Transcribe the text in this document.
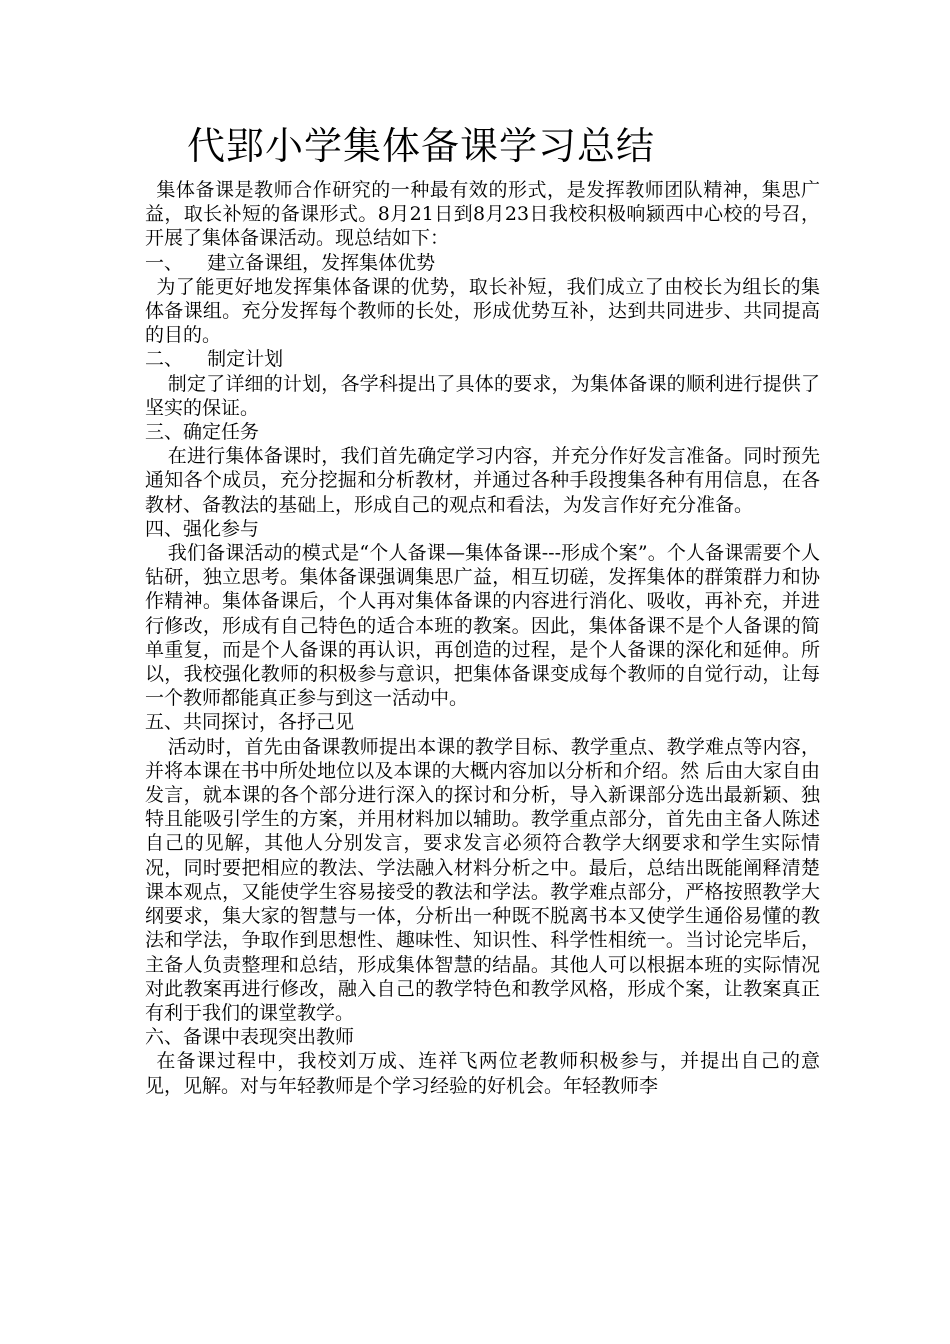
代郢小学集体备课学习总结

集体备课是教师合作研究的一种最有效的形式，是发挥教师团队精神，集思广益，取长补短的备课形式。8月21日到8月23日我校积极响颍西中心校的号召，开展了集体备课活动。现总结如下：

一、    建立备课组，发挥集体优势

为了能更好地发挥集体备课的优势，取长补短，我们成立了由校长为组长的集体备课组。充分发挥每个教师的长处，形成优势互补，达到共同进步、共同提高的目的。

二、    制定计划

制定了详细的计划，各学科提出了具体的要求，为集体备课的顺利进行提供了坚实的保证。

三、确定任务

在进行集体备课时，我们首先确定学习内容，并充分作好发言准备。同时预先通知各个成员，充分挖掘和分析教材，并通过各种手段搜集各种有用信息，在各教材、备教法的基础上，形成自己的观点和看法，为发言作好充分准备。

四、强化参与

我们备课活动的模式是“个人备课—集体备课---形成个案”。个人备课需要个人钻研，独立思考。集体备课强调集思广益，相互切磋，发挥集体的群策群力和协作精神。集体备课后，个人再对集体备课的内容进行消化、吸收，再补充，并进行修改，形成有自己特色的适合本班的教案。因此，集体备课不是个人备课的简单重复，而是个人备课的再认识，再创造的过程，是个人备课的深化和延伸。所以，我校强化教师的积极参与意识，把集体备课变成每个教师的自觉行动，让每一个教师都能真正参与到这一活动中。

五、共同探讨，各抒己见

活动时，首先由备课教师提出本课的教学目标、教学重点、教学难点等内容，并将本课在书中所处地位以及本课的大概内容加以分析和介绍。然 后由大家自由发言，就本课的各个部分进行深入的探讨和分析，导入新课部分选出最新颖、独特且能吸引学生的方案，并用材料加以辅助。教学重点部分，首先由主备人陈述自己的见解，其他人分别发言，要求发言必须符合教学大纲要求和学生实际情况，同时要把相应的教法、学法融入材料分析之中。最后，总结出既能阐释清楚课本观点，又能使学生容易接受的教法和学法。教学难点部分，严格按照教学大纲要求，集大家的智慧与一体，分析出一种既不脱离书本又使学生通俗易懂的教法和学法，争取作到思想性、趣味性、知识性、科学性相统一。当讨论完毕后，主备人负责整理和总结，形成集体智慧的结晶。其他人可以根据本班的实际情况对此教案再进行修改，融入自己的教学特色和教学风格，形成个案，让教案真正有利于我们的课堂教学。

六、备课中表现突出教师

在备课过程中，我校刘万成、连祥飞两位老教师积极参与，并提出自己的意见，见解。对与年轻教师是个学习经验的好机会。年轻教师李
